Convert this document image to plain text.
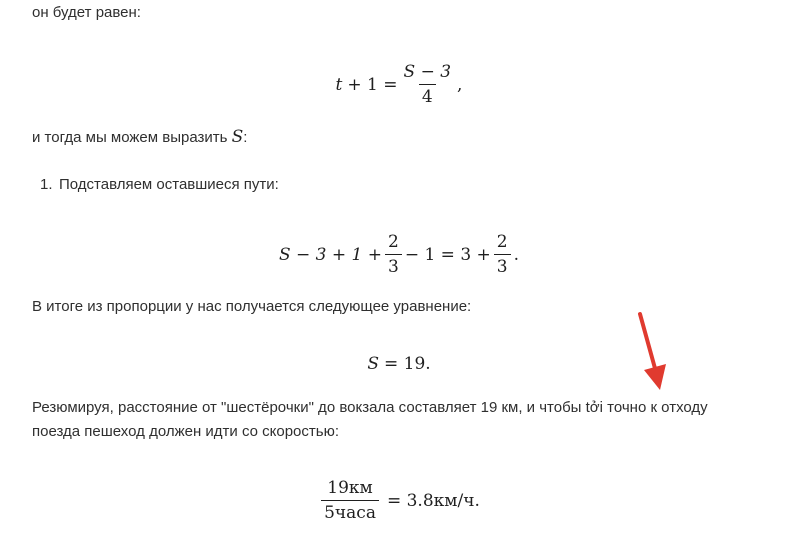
он будет равен:

$t + 1 = \frac{S - 3}{4}$ ,

и тогда мы можем выразить S:

1. Подставляем оставшиеся пути:

$S - 3 + 1 + \frac{2}{3} - 1 = 3 + \frac{2}{3}$ .

В итоге из пропорции у нас получается следующее уравнение:

S = 19.

Резюмируя, расстояние от "шестёрочки" до вокзала составляет 19 км, и чтобы tởi точно к отходу

поезда пешеход должен идти со скоростью:

$\frac{19км}{\text{5часа}} = 3.8км/ч$.
